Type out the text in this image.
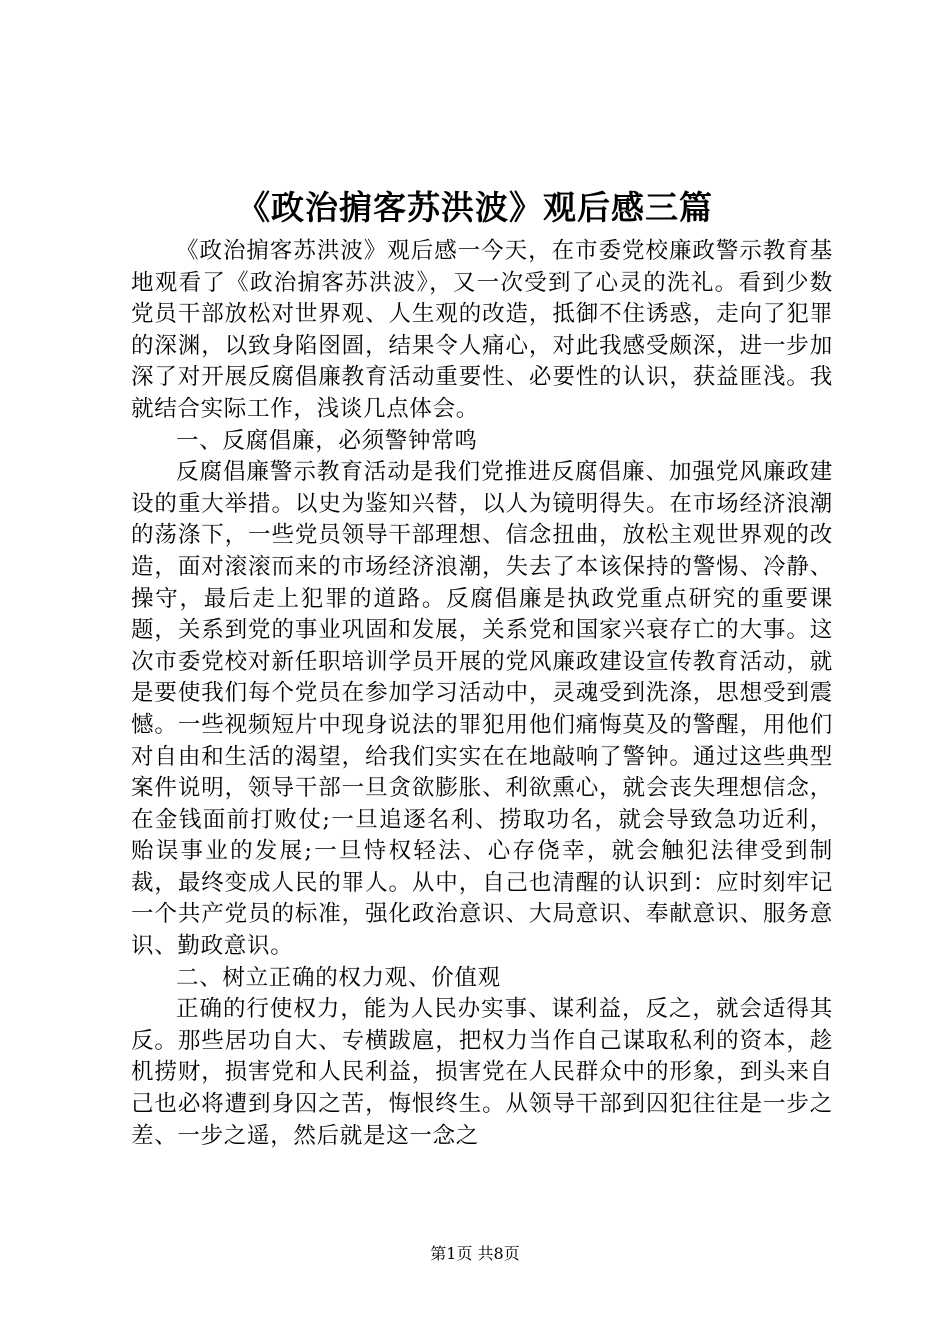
《政治掮客苏洪波》观后感三篇

《政治掮客苏洪波》观后感一今天，在市委党校廉政警示教育基地观看了《政治掮客苏洪波》，又一次受到了心灵的洗礼。看到少数党员干部放松对世界观、人生观的改造，抵御不住诱惑，走向了犯罪的深渊，以致身陷囹圄，结果令人痛心，对此我感受颇深，进一步加深了对开展反腐倡廉教育活动重要性、必要性的认识，获益匪浅。我就结合实际工作，浅谈几点体会。

一、反腐倡廉，必须警钟常鸣

反腐倡廉警示教育活动是我们党推进反腐倡廉、加强党风廉政建设的重大举措。以史为鉴知兴替，以人为镜明得失。在市场经济浪潮的荡涤下，一些党员领导干部理想、信念扭曲，放松主观世界观的改造，面对滚滚而来的市场经济浪潮，失去了本该保持的警惕、冷静、操守，最后走上犯罪的道路。反腐倡廉是执政党重点研究的重要课题，关系到党的事业巩固和发展，关系党和国家兴衰存亡的大事。这次市委党校对新任职培训学员开展的党风廉政建设宣传教育活动，就是要使我们每个党员在参加学习活动中，灵魂受到洗涤，思想受到震憾。一些视频短片中现身说法的罪犯用他们痛悔莫及的警醒，用他们对自由和生活的渴望，给我们实实在在地敲响了警钟。通过这些典型案件说明，领导干部一旦贪欲膨胀、利欲熏心，就会丧失理想信念，在金钱面前打败仗;一旦追逐名利、捞取功名，就会导致急功近利，贻误事业的发展;一旦恃权轻法、心存侥幸，就会触犯法律受到制裁，最终变成人民的罪人。从中，自己也清醒的认识到：应时刻牢记一个共产党员的标准，强化政治意识、大局意识、奉献意识、服务意识、勤政意识。

二、树立正确的权力观、价值观

正确的行使权力，能为人民办实事、谋利益，反之，就会适得其反。那些居功自大、专横跋扈，把权力当作自己谋取私利的资本，趁机捞财，损害党和人民利益，损害党在人民群众中的形象，到头来自己也必将遭到身囚之苦，悔恨终生。从领导干部到囚犯往往是一步之差、一步之遥，然后就是这一念之

第1页 共8页
